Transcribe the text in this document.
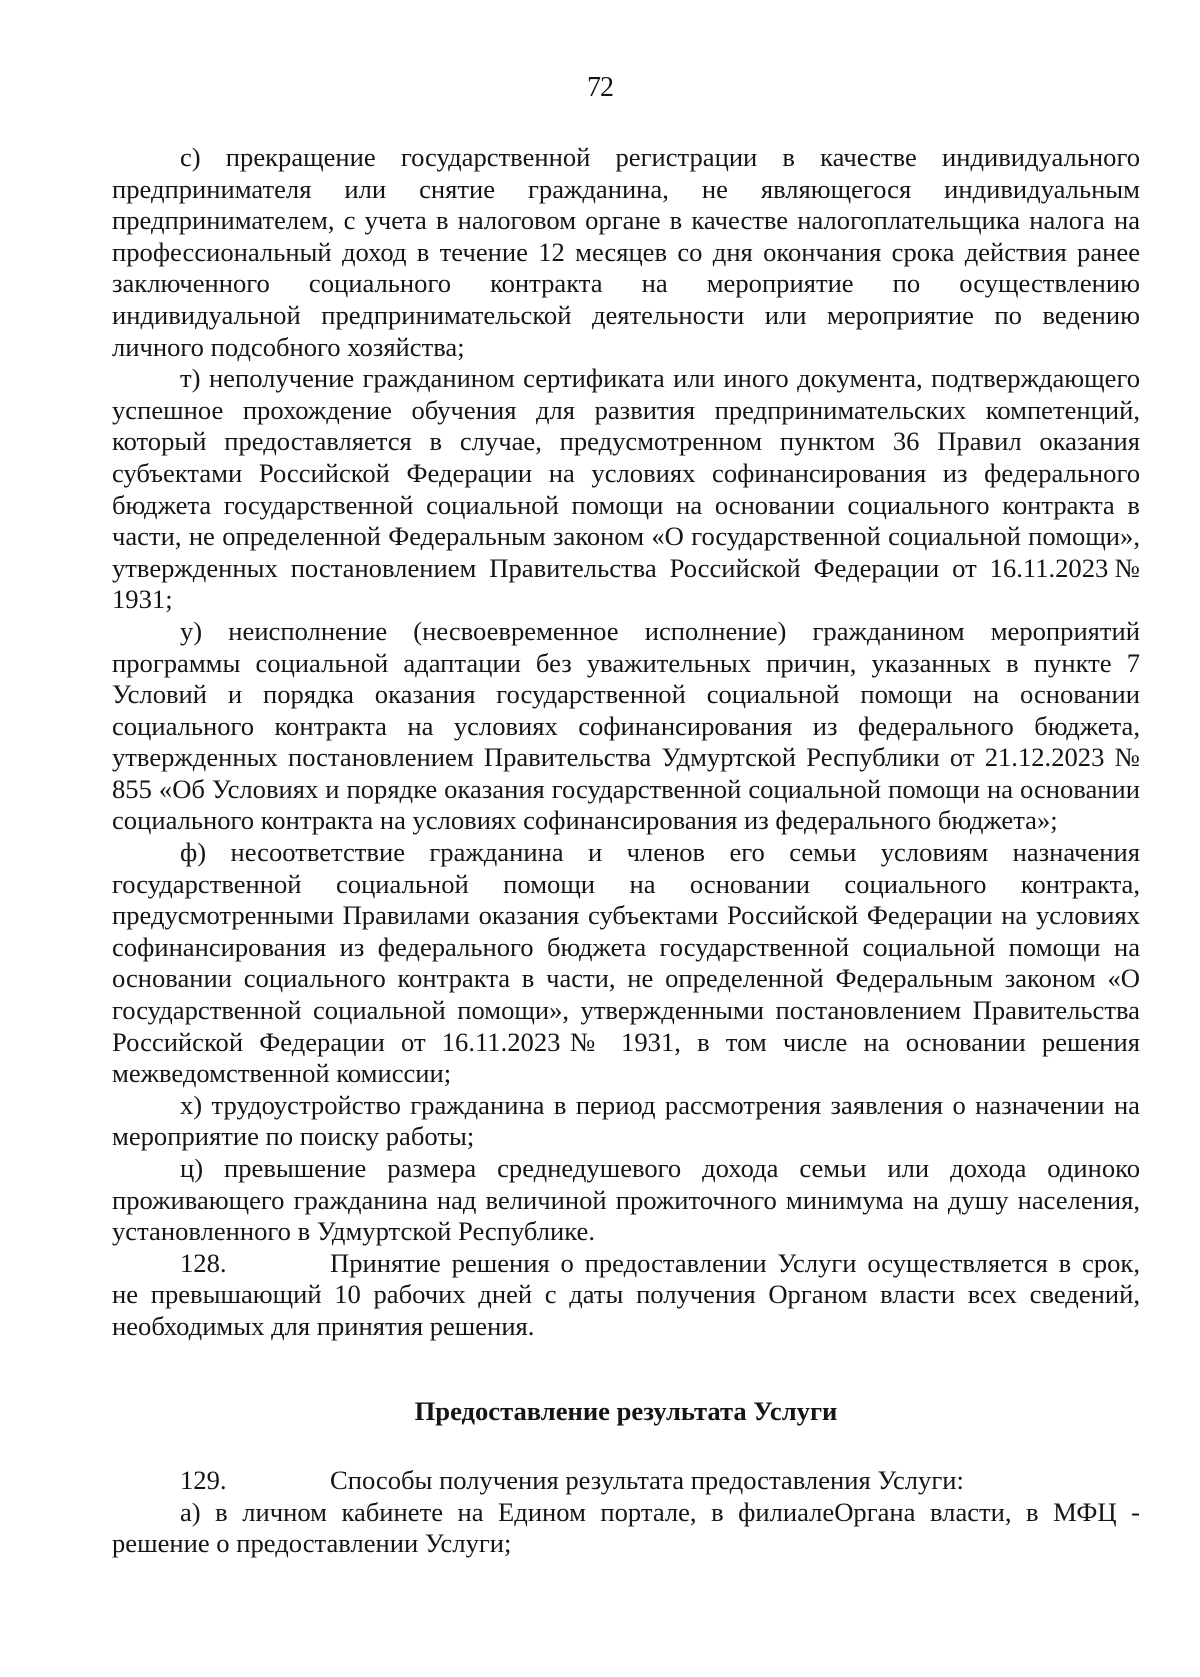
72

с) прекращение государственной регистрации в качестве индивидуального предпринимателя или снятие гражданина, не являющегося индивидуальным предпринимателем, с учета в налоговом органе в качестве налогоплательщика налога на профессиональный доход в течение 12 месяцев со дня окончания срока действия ранее заключенного социального контракта на мероприятие по осуществлению индивидуальной предпринимательской деятельности или мероприятие по ведению личного подсобного хозяйства;

т) неполучение гражданином сертификата или иного документа, подтверждающего успешное прохождение обучения для развития предпринимательских компетенций, который предоставляется в случае, предусмотренном пунктом 36 Правил оказания субъектами Российской Федерации на условиях софинансирования из федерального бюджета государственной социальной помощи на основании социального контракта в части, не определенной Федеральным законом «О государственной социальной помощи», утвержденных постановлением Правительства Российской Федерации от 16.11.2023№ 1931;

у) неисполнение (несвоевременное исполнение) гражданином мероприятий программы социальной адаптации без уважительных причин, указанных в пункте 7 Условий и порядка оказания государственной социальной помощи на основании социального контракта на условиях софинансирования из федерального бюджета, утвержденных постановлением Правительства Удмуртской Республики от 21.12.2023 № 855 «Об Условиях и порядке оказания государственной социальной помощи на основании социального контракта на условиях софинансирования из федерального бюджета»;

ф) несоответствие гражданина и членов его семьи условиям назначения государственной социальной помощи на основании социального контракта, предусмотренными Правилами оказания субъектами Российской Федерации на условиях софинансирования из федерального бюджета государственной социальной помощи на основании социального контракта в части, не определенной Федеральным законом «О государственной социальной помощи», утвержденными постановлением Правительства Российской Федерации от 16.11.2023№ 1931, в том числе на основании решения межведомственной комиссии;

х) трудоустройство гражданина в период рассмотрения заявления о назначении на мероприятие по поиску работы;

ц) превышение размера среднедушевого дохода семьи или дохода одиноко проживающего гражданина над величиной прожиточного минимума на душу населения, установленного в Удмуртской Республике.

128.	Принятие решения о предоставлении Услуги осуществляется в срок, не превышающий 10 рабочих дней с даты получения Органом власти всех сведений, необходимых для принятия решения.

Предоставление результата Услуги

129.	Способы получения результата предоставления Услуги:

а) в личном кабинете на Едином портале, в филиалеОргана власти, в МФЦ - решение о предоставлении Услуги;
